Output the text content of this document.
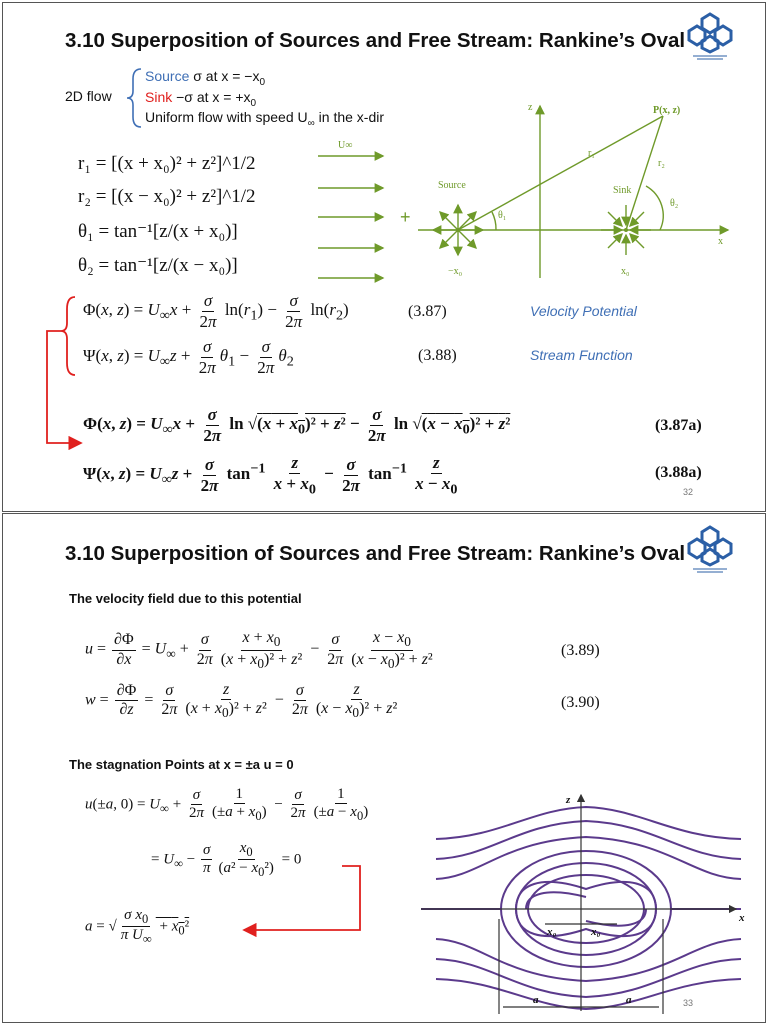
3.10 Superposition of Sources and Free Stream: Rankine’s Oval
2D flow
Source σ at $x = -x_0$
Sink −σ at $x = +x_0$
Uniform flow with speed $U_\infty$ in the x-dir
r₁ = [(x + x₀)² + z²]^1/2
r₂ = [(x − x₀)² + z²]^1/2
θ₁ = tan⁻¹[z/(x + x₀)]
θ₂ = tan⁻¹[z/(x − x₀)]
U∞
Source	Sink
P(x, z)
r₁
r₂
θ₁
θ₂
x
z
−x₀	x₀
+
Φ(x, $z) = U_\infty x + \frac{\sigma}{2\pi} \ln(r_1) - \frac{\sigma}{2\pi} \ln(r_2)$	(3.87)	Velocity Potential
Ψ(x, $z) = U_\infty z + \frac{\sigma}{2\pi} \theta_1 - \frac{\sigma}{2\pi} \theta_2$	(3.88)	Stream Function
Φ(x, $z) = U_\infty x + \frac{\sigma}{2\pi}$ $\ln √(x + x_0)^2 + z^2 - \frac{\sigma}{2\pi}$ $\ln √(x - x_0)^2 + z^2$	(3.87a)
Ψ(x, $z) = U_\infty z + \frac{\sigma}{2\pi} \tan^{-1} \frac{z}{x + x_0} - \frac{\sigma}{2\pi} \tan^{-1} \frac{z}{x - x_0}$	(3.88a)
32
3.10 Superposition of Sources and Free Stream: Rankine’s Oval
The velocity field due to this potential
$u = \frac{\partial\Phi}{\partial x} = U_\infty + \frac{\sigma}{2\pi} \frac{x + x_0}{(x + x_0)^2 + z^2} - \frac{\sigma}{2\pi} \frac{x - x_0}{(x - x_0)^2 + z^2}$	(3.89)
$w = \frac{\partial\Phi}{\partial z} = \frac{\sigma}{2\pi} \frac{z}{(x + x_0)^2 + z^2} - \frac{\sigma}{2\pi} \frac{z}{(x - x_0)^2 + z^2}$	(3.90)
The stagnation Points at x = ±a u = 0
u(±a, $0) = U_\infty + \frac{\sigma}{2\pi} \frac{1}{(\pm a + x_0)} - \frac{\sigma}{2\pi} \frac{1}{(\pm a - x_0)}$
= $U_\infty - \frac{\sigma}{\pi} \frac{x_0}{(a^2 - x_0^2)} = 0$
a = √ $\frac{\sigma x_0}{\pi U_\infty} + x_0^2$
z
x
x₀	x₀
a	a	33
